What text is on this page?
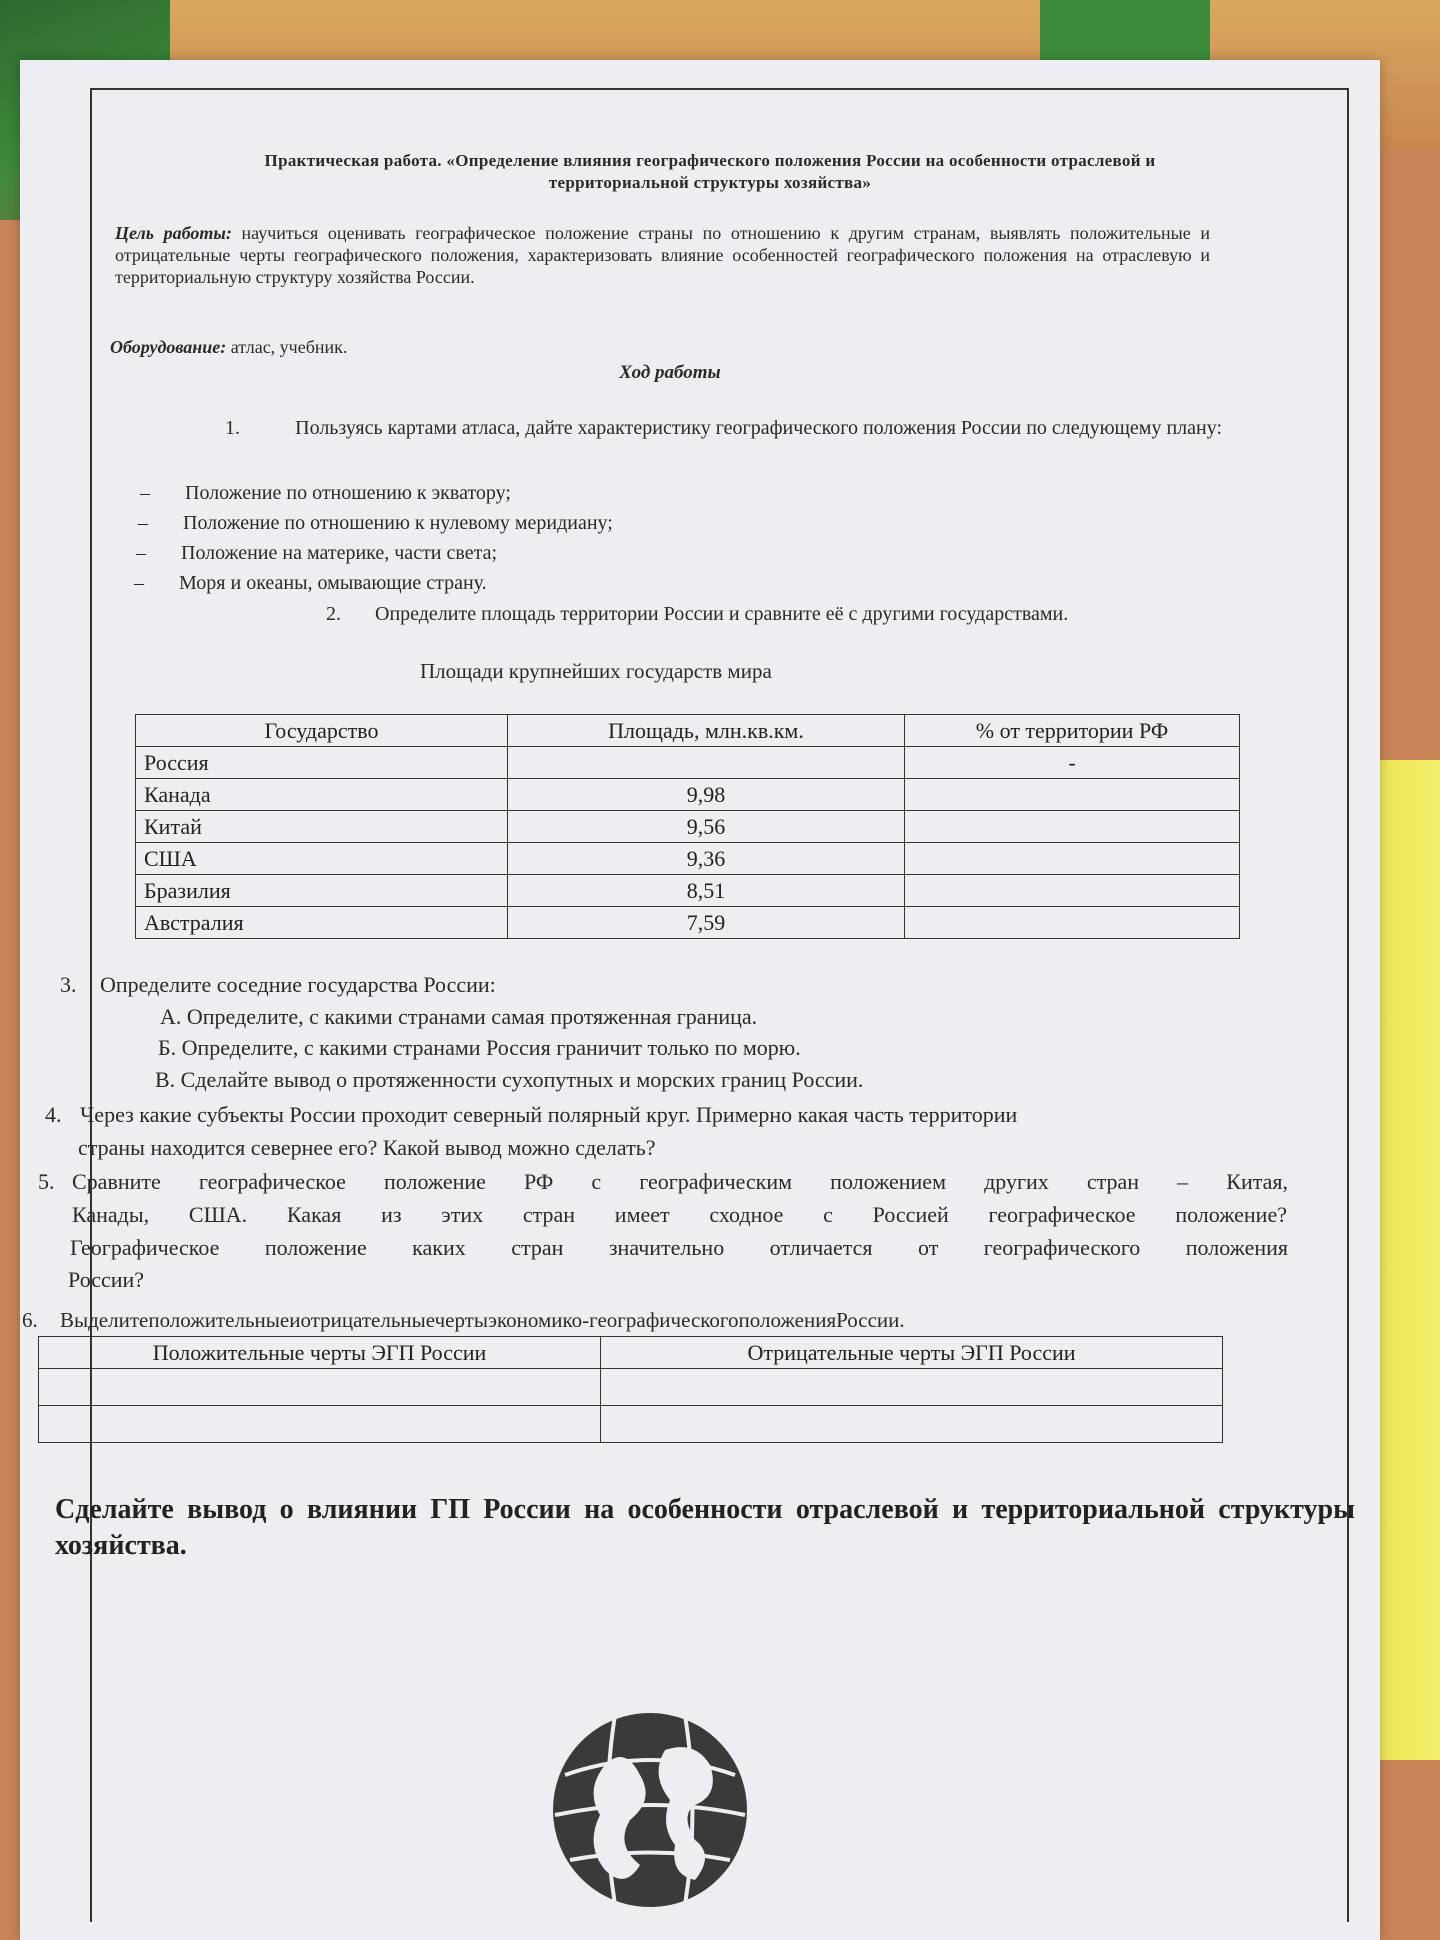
Практическая работа. «Определение влияния географического положения России на особенности отраслевой и территориальной структуры хозяйства»
Цель работы: научиться оценивать географическое положение страны по отношению к другим странам, выявлять положительные и отрицательные черты географического положения, характеризовать влияние особенностей географического положения на отраслевую и территориальную структуру хозяйства России.
Оборудование: атлас, учебник.
Ход работы
1.	Пользуясь картами атласа, дайте характеристику географического положения России по следующему плану:
– Положение по отношению к экватору;
– Положение по отношению к нулевому меридиану;
– Положение на материке, части света;
– Моря и океаны, омывающие страну.
2. Определите площадь территории России и сравните её с другими государствами.
Площади крупнейших государств мира
Государство	Площадь, млн.кв.км.	% от территории РФ
Россия		-
Канада	9,98	
Китай	9,56	
США	9,36	
Бразилия	8,51	
Австралия	7,59	
3. Определите соседние государства России:
А. Определите, с какими странами самая протяженная граница.
Б. Определите, с какими странами Россия граничит только по морю.
В. Сделайте вывод о протяженности сухопутных и морских границ России.
4. Через какие субъекты России проходит северный полярный круг. Примерно какая часть территории
страны находится севернее его? Какой вывод можно сделать?
5. Сравните географическое положение РФ с географическим положением других стран – Китая,
Канады, США. Какая из этих стран имеет сходное с Россией географическое положение?
Географическое положение каких стран значительно отличается от географического положения
России?
6. Выделитеположительныеиотрицательныечертыэкономико-географическогоположенияРоссии.
Положительные черты ЭГП России	Отрицательные черты ЭГП России

Сделайте вывод о влиянии ГП России на особенности отраслевой и территориальной структуры хозяйства.
